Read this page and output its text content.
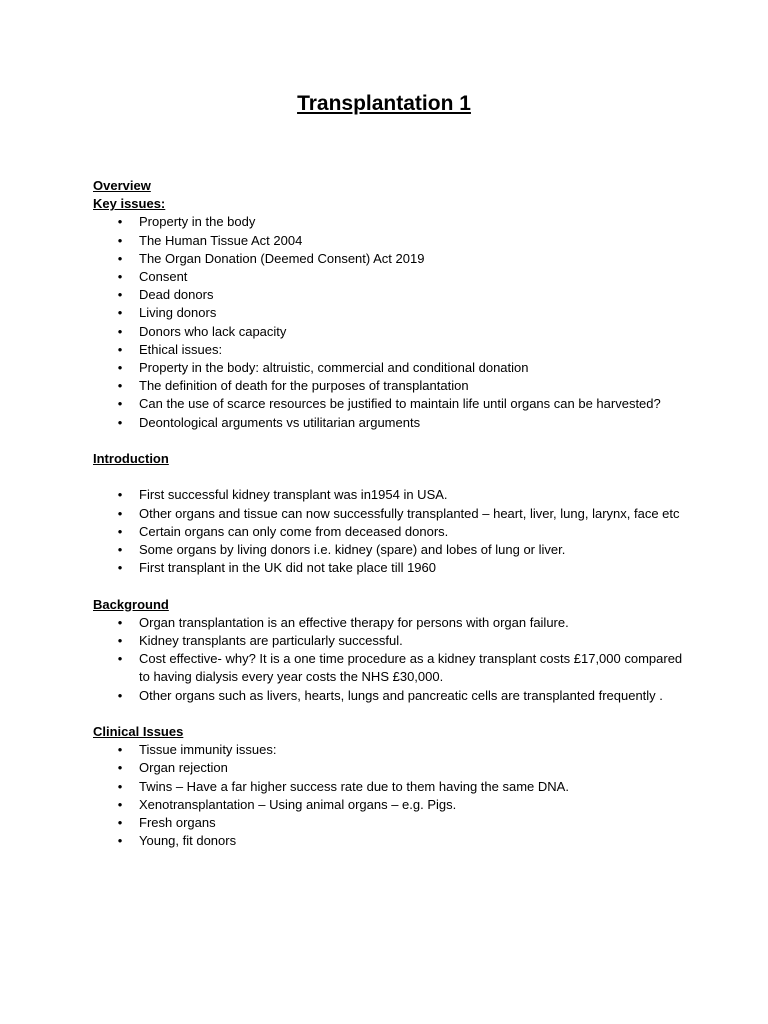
Transplantation 1
Overview
Key issues:
• Property in the body
• The Human Tissue Act 2004
• The Organ Donation (Deemed Consent) Act 2019
• Consent
• Dead donors
• Living donors
• Donors who lack capacity
• Ethical issues:
• Property in the body: altruistic, commercial and conditional donation
• The definition of death for the purposes of transplantation
• Can the use of scarce resources be justified to maintain life until organs can be harvested?
• Deontological arguments vs utilitarian arguments
Introduction
• First successful kidney transplant was in1954 in USA.
• Other organs and tissue can now successfully transplanted – heart, liver, lung, larynx, face etc
• Certain organs can only come from deceased donors.
• Some organs by living donors i.e. kidney (spare) and lobes of lung or liver.
• First transplant in the UK did not take place till 1960
Background
• Organ transplantation is an effective therapy for persons with organ failure.
• Kidney transplants are particularly successful.
• Cost effective- why? It is a one time procedure as a kidney transplant costs £17,000 compared to having dialysis every year costs the NHS £30,000.
• Other organs such as livers, hearts, lungs and pancreatic cells are transplanted frequently .
Clinical Issues
• Tissue immunity issues:
• Organ rejection
• Twins – Have a far higher success rate due to them having the same DNA.
• Xenotransplantation – Using animal organs – e.g. Pigs.
• Fresh organs
• Young, fit donors
